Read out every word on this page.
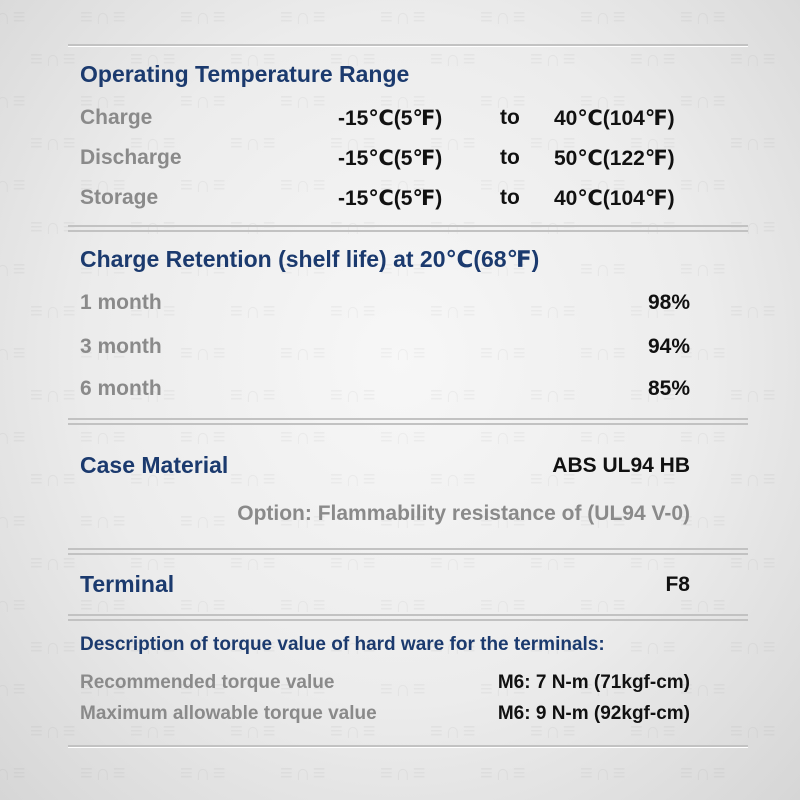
Operating Temperature Range
Charge	-15℃(5℉)	to 40℃(104℉)
Discharge	-15℃(5℉)	to 50℃(122℉)
Storage	-15℃(5℉)	to 40℃(104℉)
Charge Retention (shelf life) at 20℃(68℉)
1 month	98%
3 month	94%
6 month	85%
Case Material	ABS UL94 HB
Option: Flammability resistance of (UL94 V-0)
Terminal	F8
Description of torque value of hard ware for the terminals:
Recommended torque value	M6: 7 N-m (71kgf-cm)
Maximum allowable torque value	M6: 9 N-m (92kgf-cm)
